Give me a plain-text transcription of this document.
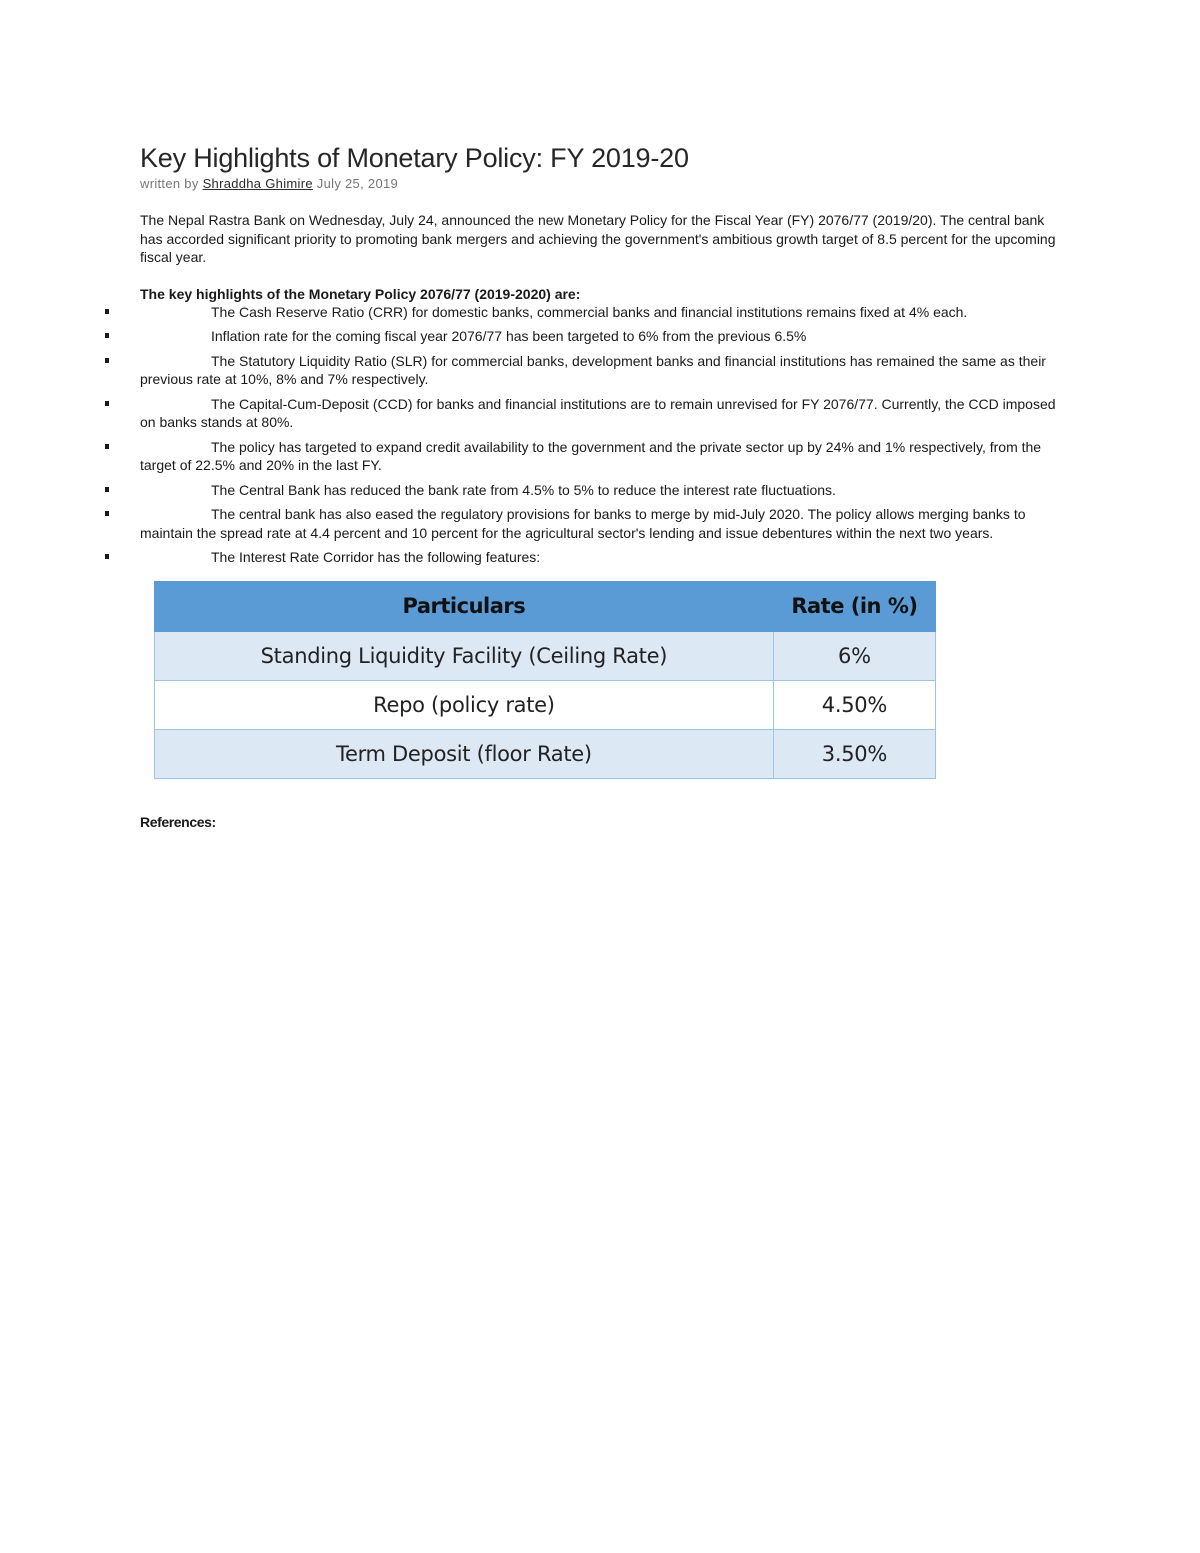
Key Highlights of Monetary Policy: FY 2019-20

written by Shraddha Ghimire July 25, 2019

The Nepal Rastra Bank on Wednesday, July 24, announced the new Monetary Policy for the Fiscal Year (FY) 2076/77 (2019/20). The central bank has accorded significant priority to promoting bank mergers and achieving the government's ambitious growth target of 8.5 percent for the upcoming fiscal year.

The key highlights of the Monetary Policy 2076/77 (2019-2020) are:

The Cash Reserve Ratio (CRR) for domestic banks, commercial banks and financial institutions remains fixed at 4% each.
Inflation rate for the coming fiscal year 2076/77 has been targeted to 6% from the previous 6.5%
The Statutory Liquidity Ratio (SLR) for commercial banks, development banks and financial institutions has remained the same as their previous rate at 10%, 8% and 7% respectively.
The Capital-Cum-Deposit (CCD) for banks and financial institutions are to remain unrevised for FY 2076/77. Currently, the CCD imposed on banks stands at 80%.
The policy has targeted to expand credit availability to the government and the private sector up by 24% and 1% respectively, from the target of 22.5% and 20% in the last FY.
The Central Bank has reduced the bank rate from 4.5% to 5% to reduce the interest rate fluctuations.
The central bank has also eased the regulatory provisions for banks to merge by mid-July 2020. The policy allows merging banks to maintain the spread rate at 4.4 percent and 10 percent for the agricultural sector's lending and issue debentures within the next two years.
The Interest Rate Corridor has the following features:
Particulars	Rate (in %)
Standing Liquidity Facility (Ceiling Rate)	6%
Repo (policy rate)	4.50%
Term Deposit (floor Rate)	3.50%

References:
